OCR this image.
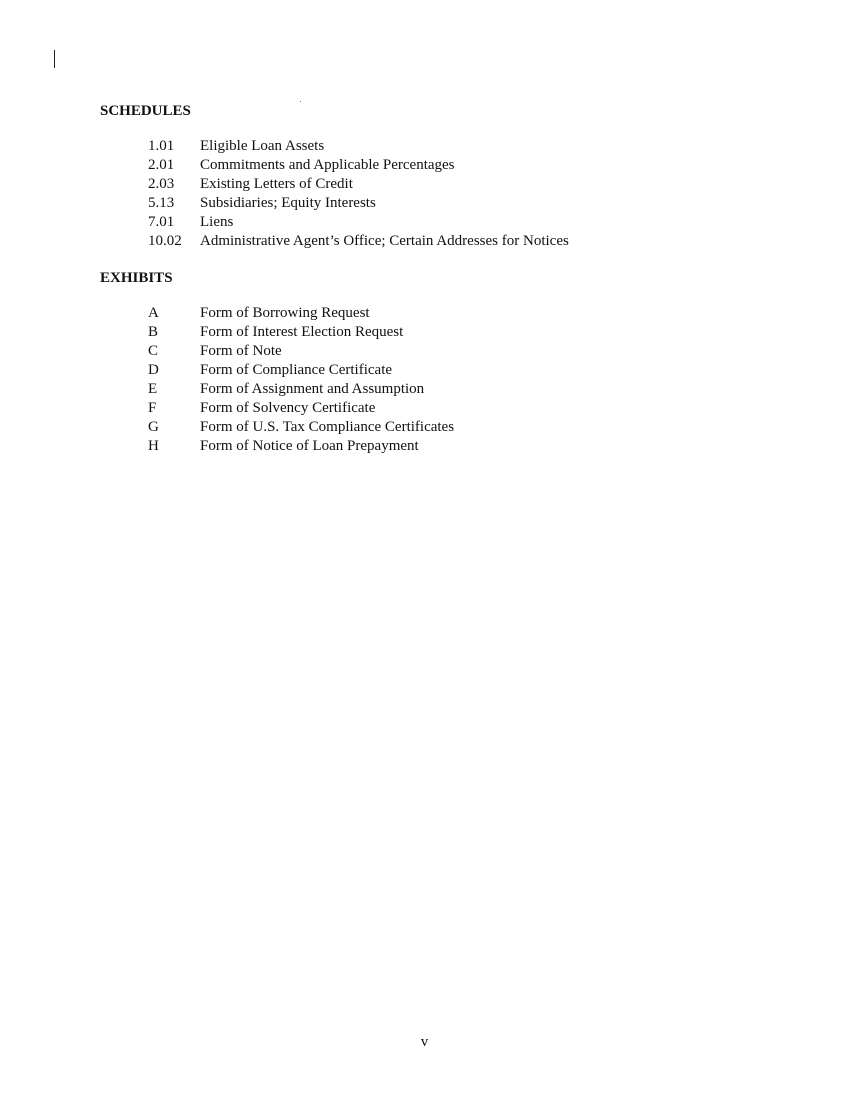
SCHEDULES
1.01	Eligible Loan Assets
2.01	Commitments and Applicable Percentages
2.03	Existing Letters of Credit
5.13	Subsidiaries; Equity Interests
7.01	Liens
10.02	Administrative Agent’s Office; Certain Addresses for Notices
EXHIBITS
A	Form of Borrowing Request
B	Form of Interest Election Request
C	Form of Note
D	Form of Compliance Certificate
E	Form of Assignment and Assumption
F	Form of Solvency Certificate
G	Form of U.S. Tax Compliance Certificates
H	Form of Notice of Loan Prepayment
v
